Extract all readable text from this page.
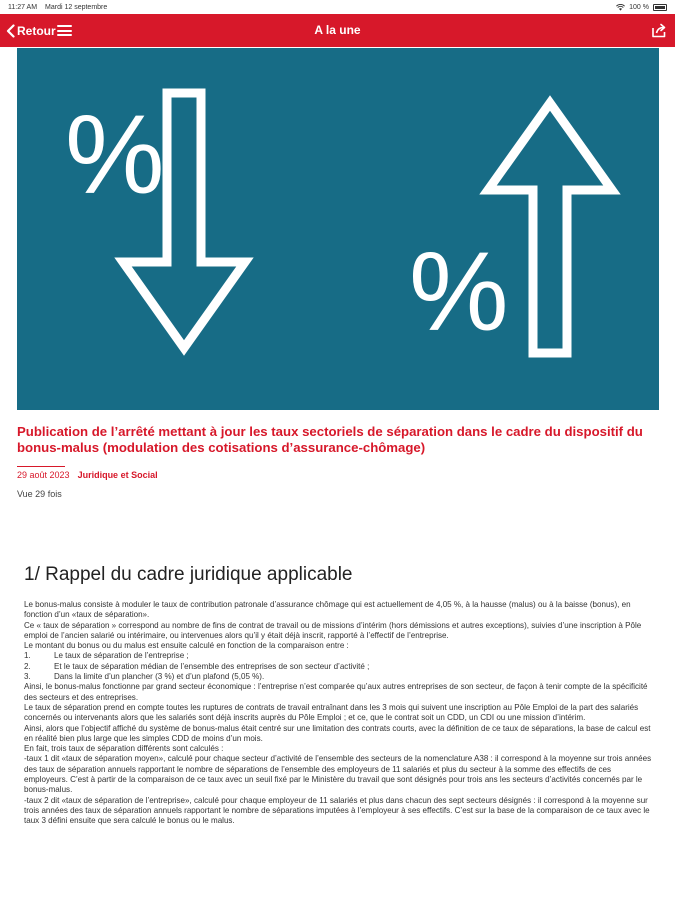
11:27 AM Mardi 12 septembre	100 %
Retour	A la une
%
%
Publication de l’arrêté mettant à jour les taux sectoriels de séparation dans le cadre du dispositif du bonus-malus (modulation des cotisations d’assurance-chômage)
29 août 2023 Juridique et Social
Vue 29 fois
1/ Rappel du cadre juridique applicable

Le bonus-malus consiste à moduler le taux de contribution patronale d’assurance chômage qui est actuellement de 4,05 %, à la hausse (malus) ou à la baisse (bonus), en fonction d’un «taux de séparation».

Ce « taux de séparation » correspond au nombre de fins de contrat de travail ou de missions d’intérim (hors démissions et autres exceptions), suivies d’une inscription à Pôle emploi de l’ancien salarié ou intérimaire, ou intervenues alors qu’il y était déjà inscrit, rapporté à l’effectif de l’entreprise.

Le montant du bonus ou du malus est ensuite calculé en fonction de la comparaison entre :

1.	Le taux de séparation de l’entreprise ;
2.	Et le taux de séparation médian de l’ensemble des entreprises de son secteur d’activité ;
3.	Dans la limite d’un plancher (3 %) et d’un plafond (5,05 %).

Ainsi, le bonus-malus fonctionne par grand secteur économique : l’entreprise n’est comparée qu’aux autres entreprises de son secteur, de façon à tenir compte de la spécificité des secteurs et des entreprises.

Le taux de séparation prend en compte toutes les ruptures de contrats de travail entraînant dans les 3 mois qui suivent une inscription au Pôle Emploi de la part des salariés concernés ou intervenants alors que les salariés sont déjà inscrits auprès du Pôle Emploi ; et ce, que le contrat soit un CDD, un CDI ou une mission d’intérim.

Ainsi, alors que l’objectif affiché du système de bonus-malus était centré sur une limitation des contrats courts, avec la définition de ce taux de séparations, la base de calcul est en réalité bien plus large que les simples CDD de moins d’un mois.

En fait, trois taux de séparation différents sont calculés :

-taux 1 dit «taux de séparation moyen», calculé pour chaque secteur d’activité de l’ensemble des secteurs de la nomenclature A38 : il correspond à la moyenne sur trois années des taux de séparation annuels rapportant le nombre de séparations de l’ensemble des employeurs de 11 salariés et plus du secteur à la somme des effectifs de ces employeurs. C’est à partir de la comparaison de ce taux avec un seuil fixé par le Ministère du travail que sont désignés pour trois ans les secteurs d’activités concernés par le bonus-malus.

-taux 2 dit «taux de séparation de l’entreprise», calculé pour chaque employeur de 11 salariés et plus dans chacun des sept secteurs désignés : il correspond à la moyenne sur trois années des taux de séparation annuels rapportant le nombre de séparations imputées à l’employeur à ses effectifs. C’est sur la base de la comparaison de ce taux avec le taux 3 défini ensuite que sera calculé le bonus ou le malus.
